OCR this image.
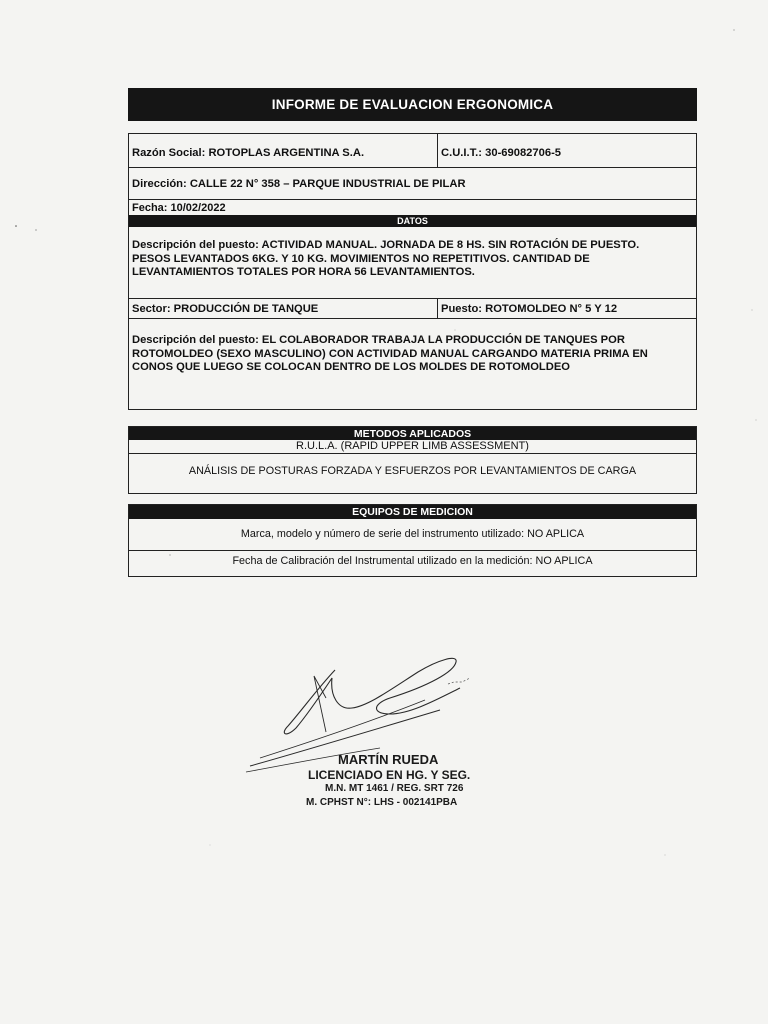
INFORME DE EVALUACION ERGONOMICA
Razón Social: ROTOPLAS ARGENTINA S.A.	C.U.I.T.: 30-69082706-5
Dirección: CALLE 22 N° 358 – PARQUE INDUSTRIAL DE PILAR
Fecha: 10/02/2022
DATOS
Descripción del puesto: ACTIVIDAD MANUAL. JORNADA DE 8 HS. SIN ROTACIÓN DE PUESTO.
PESOS LEVANTADOS 6KG. Y 10 KG. MOVIMIENTOS NO REPETITIVOS. CANTIDAD DE
LEVANTAMIENTOS TOTALES POR HORA 56 LEVANTAMIENTOS.
Sector: PRODUCCIÓN DE TANQUE	Puesto: ROTOMOLDEO N° 5 Y 12
Descripción del puesto: EL COLABORADOR TRABAJA LA PRODUCCIÓN DE TANQUES POR
ROTOMOLDEO (SEXO MASCULINO) CON ACTIVIDAD MANUAL CARGANDO MATERIA PRIMA EN
CONOS QUE LUEGO SE COLOCAN DENTRO DE LOS MOLDES DE ROTOMOLDEO
METODOS APLICADOS
R.U.L.A. (RAPID UPPER LIMB ASSESSMENT)
ANÁLISIS DE POSTURAS FORZADA Y ESFUERZOS POR LEVANTAMIENTOS DE CARGA
EQUIPOS DE MEDICION
Marca, modelo y número de serie del instrumento utilizado: NO APLICA
Fecha de Calibración del Instrumental utilizado en la medición: NO APLICA
MARTÍN RUEDA
LICENCIADO EN HG. Y SEG.
M.N. MT 1461 / REG. SRT 726
M. CPHST N°: LHS - 002141PBA
